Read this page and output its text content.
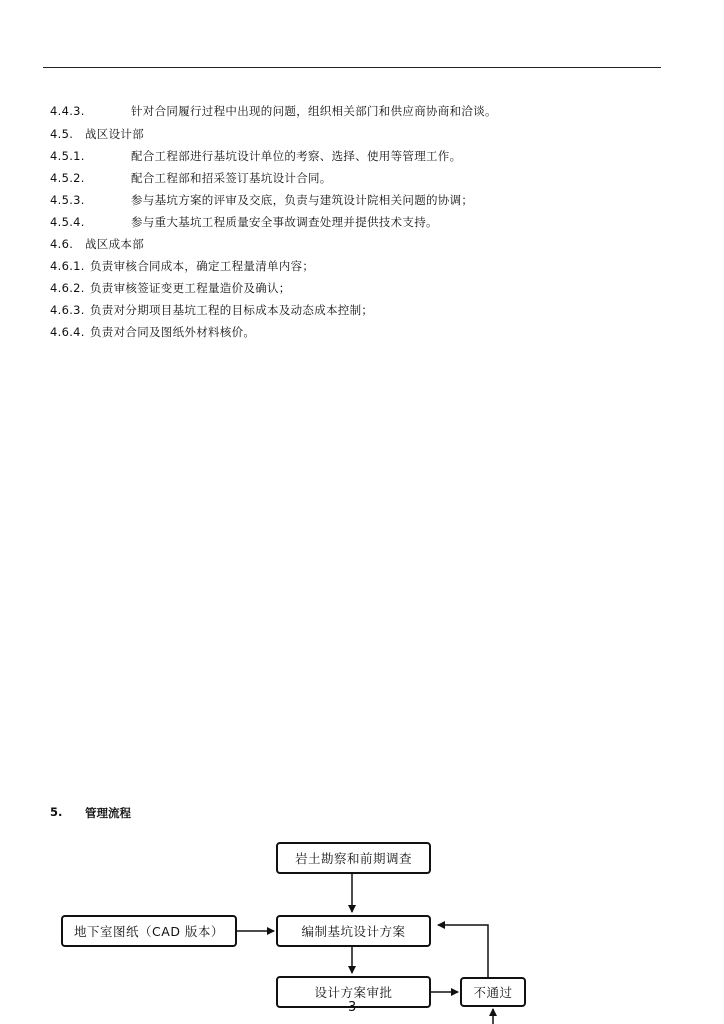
4.4.3.	针对合同履行过程中出现的问题，组织相关部门和供应商协商和洽谈。
4.5. 战区设计部
4.5.1.	配合工程部进行基坑设计单位的考察、选择、使用等管理工作。
4.5.2.	配合工程部和招采签订基坑设计合同。
4.5.3.	参与基坑方案的评审及交底，负责与建筑设计院相关问题的协调；
4.5.4.	参与重大基坑工程质量安全事故调查处理并提供技术支持。
4.6. 战区成本部
4.6.1. 负责审核合同成本，确定工程量清单内容；
4.6.2. 负责审核签证变更工程量造价及确认；
4.6.3. 负责对分期项目基坑工程的目标成本及动态成本控制；
4.6.4. 负责对合同及图纸外材料核价。
5. 管理流程
岩土勘察和前期调查
地下室图纸（CAD 版本）	编制基坑设计方案
设计方案审批	不通过
3
